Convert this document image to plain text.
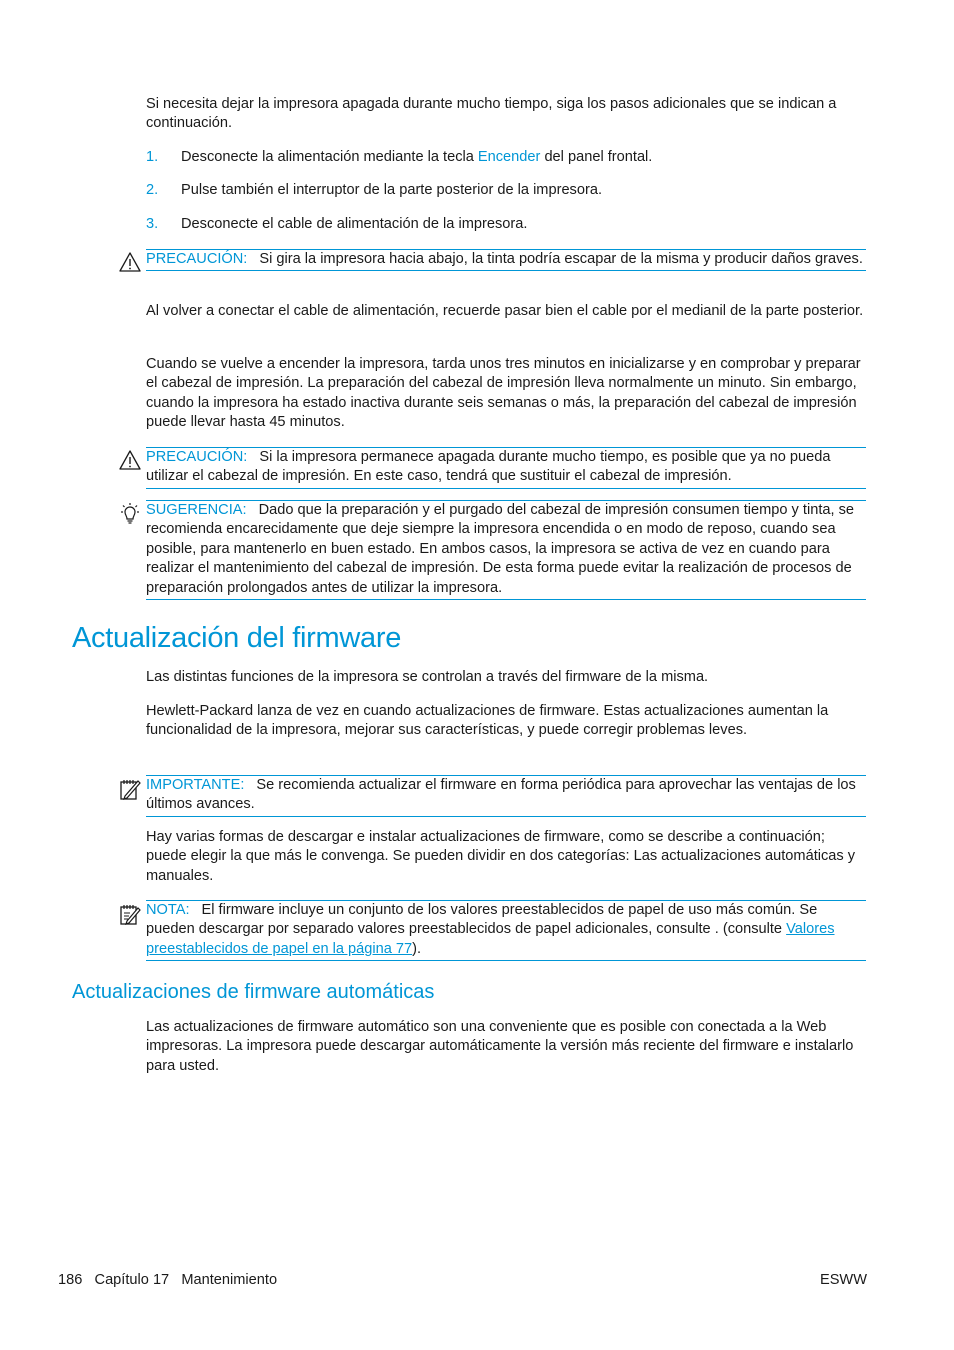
Si necesita dejar la impresora apagada durante mucho tiempo, siga los pasos adicionales que se indican a continuación.

1. Desconecte la alimentación mediante la tecla Encender del panel frontal.
2. Pulse también el interruptor de la parte posterior de la impresora.
3. Desconecte el cable de alimentación de la impresora.
PRECAUCIÓN: Si gira la impresora hacia abajo, la tinta podría escapar de la misma y producir daños graves.

Al volver a conectar el cable de alimentación, recuerde pasar bien el cable por el medianil de la parte posterior.

Cuando se vuelve a encender la impresora, tarda unos tres minutos en inicializarse y en comprobar y preparar el cabezal de impresión. La preparación del cabezal de impresión lleva normalmente un minuto. Sin embargo, cuando la impresora ha estado inactiva durante seis semanas o más, la preparación del cabezal de impresión puede llevar hasta 45 minutos.

PRECAUCIÓN: Si la impresora permanece apagada durante mucho tiempo, es posible que ya no pueda utilizar el cabezal de impresión. En este caso, tendrá que sustituir el cabezal de impresión.
SUGERENCIA: Dado que la preparación y el purgado del cabezal de impresión consumen tiempo y tinta, se recomienda encarecidamente que deje siempre la impresora encendida o en modo de reposo, cuando sea posible, para mantenerlo en buen estado. En ambos casos, la impresora se activa de vez en cuando para realizar el mantenimiento del cabezal de impresión. De esta forma puede evitar la realización de procesos de preparación prolongados antes de utilizar la impresora.
Actualización del firmware

Las distintas funciones de la impresora se controlan a través del firmware de la misma.

Hewlett-Packard lanza de vez en cuando actualizaciones de firmware. Estas actualizaciones aumentan la funcionalidad de la impresora, mejorar sus características, y puede corregir problemas leves.

IMPORTANTE: Se recomienda actualizar el firmware en forma periódica para aprovechar las ventajas de los últimos avances.

Hay varias formas de descargar e instalar actualizaciones de firmware, como se describe a continuación; puede elegir la que más le convenga. Se pueden dividir en dos categorías: Las actualizaciones automáticas y manuales.

NOTA: El firmware incluye un conjunto de los valores preestablecidos de papel de uso más común. Se pueden descargar por separado valores preestablecidos de papel adicionales, consulte . (consulte Valores preestablecidos de papel en la página 77).
Actualizaciones de firmware automáticas

Las actualizaciones de firmware automático son una conveniente que es posible con conectada a la Web impresoras. La impresora puede descargar automáticamente la versión más reciente del firmware e instalarlo para usted.

186 Capítulo 17 Mantenimiento	ESWW
